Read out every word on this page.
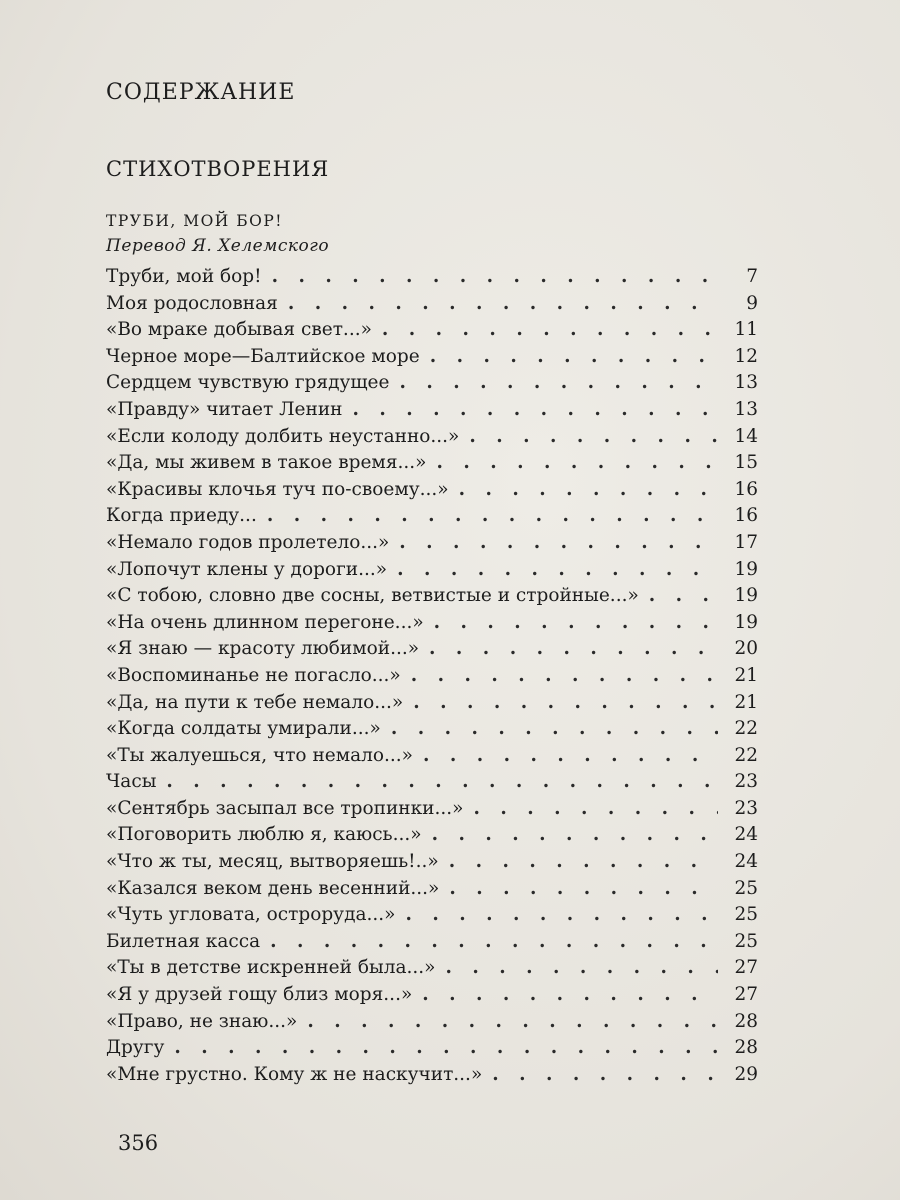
СОДЕРЖАНИЕ
СТИХОТВОРЕНИЯ
ТРУБИ, МОЙ БОР!
Перевод Я. Хелемского
Труби, мой бор! . . .	7
Моя родословная . . .	9
«Во мраке добывая свет...» . . .	11
Черное море—Балтийское море . . .	12
Сердцем чувствую грядущее . . .	13
«Правду» читает Ленин . . .	13
«Если колоду долбить неустанно...» . . .	14
«Да, мы живем в такое время...» . . .	15
«Красивы клочья туч по-своему...» . . .	16
Когда приеду... . . .	16
«Немало годов пролетело...» . . .	17
«Лопочут клены у дороги...» . . .	19
«С тобою, словно две сосны, ветвистые и стройные...» . . .	19
«На очень длинном перегоне...» . . .	19
«Я знаю — красоту любимой...» . . .	20
«Воспоминанье не погасло...» . . .	21
«Да, на пути к тебе немало...» . . .	21
«Когда солдаты умирали...» . . .	22
«Ты жалуешься, что немало...» . . .	22
Часы . . .	23
«Сентябрь засыпал все тропинки...» . . .	23
«Поговорить люблю я, каюсь...» . . .	24
«Что ж ты, месяц, вытворяешь!..» . . .	24
«Казался веком день весенний...» . . .	25
«Чуть угловата, остроруда...» . . .	25
Билетная касса . . .	25
«Ты в детстве искренней была...» . . .	27
«Я у друзей гощу близ моря...» . . .	27
«Право, не знаю...» . . .	28
Другу . . .	28
«Мне грустно. Кому ж не наскучит...» . . .	29
356
